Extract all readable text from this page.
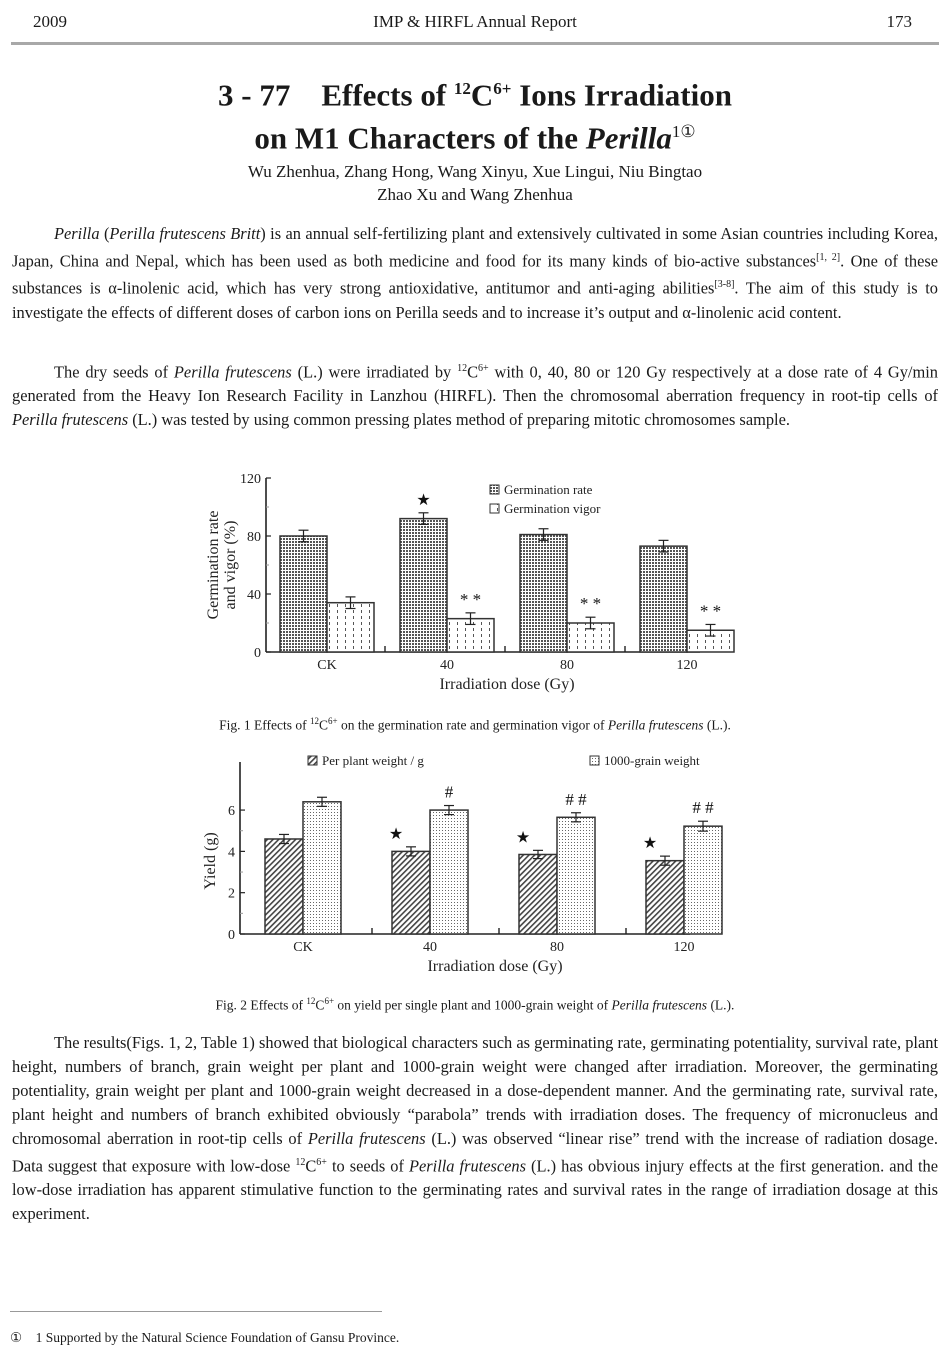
2009	IMP & HIRFL Annual Report	173
3 - 77 Effects of $^{12}C^{6+}$ Ions Irradiation
on M1 Characters of the Perilla$^{1①}$
Wu Zhenhua, Zhang Hong, Wang Xinyu, Xue Lingui, Niu Bingtao
Zhao Xu and Wang Zhenhua
Perilla (Perilla frutescens Britt) is an annual self-fertilizing plant and extensively cultivated in some Asian countries including Korea, Japan, China and Nepal, which has been used as both medicine and food for its many kinds of bio-active substances[1, 2]. One of these substances is α-linolenic acid, which has very strong antioxidative, antitumor and anti-aging abilities[3-8]. The aim of this study is to investigate the effects of different doses of carbon ions on Perilla seeds and to increase it’s output and α-linolenic acid content.
The dry seeds of Perilla frutescens (L.) were irradiated by $^{12}C^{6+}$ with 0, 40, 80 or 120 Gy respectively at a dose rate of 4 Gy/min generated from the Heavy Ion Research Facility in Lanzhou (HIRFL). Then the chromosomal aberration frequency in root-tip cells of Perilla frutescens (L.) was tested by using common pressing plates method of preparing mitotic chromosomes sample.
0
40
80
120
CK
★
* *
40
* *
80
* *
120
Irradiation dose (Gy)
Germination rate and vigor (%)
Germination rate
Germination vigor
Fig. 1 Effects of $^{12}C^{6+}$ on the germination rate and germination vigor of Perilla frutescens (L.).
0
2
4
6
CK
★
#
40
★
# #
80
★
# #
120
Irradiation dose (Gy)
Yield (g)
Per plant weight / g	1000-grain weight
Fig. 2 Effects of $^{12}C^{6+}$ on yield per single plant and 1000-grain weight of Perilla frutescens (L.).
The results(Figs. 1, 2, Table 1) showed that biological characters such as germinating rate, germinating potentiality, survival rate, plant height, numbers of branch, grain weight per plant and 1000-grain weight were changed after irradiation. Moreover, the germinating potentiality, grain weight per plant and 1000-grain weight decreased in a dose-dependent manner. And the germinating rate, survival rate, plant height and numbers of branch exhibited obviously “parabola” trends with irradiation doses. The frequency of micronucleus and chromosomal aberration in root-tip cells of Perilla frutescens (L.) was observed “linear rise” trend with the increase of radiation dosage. Data suggest that exposure with low-dose $^{12}C^{6+}$ to seeds of Perilla frutescens (L.) has obvious injury effects at the first generation. and the low-dose irradiation has apparent stimulative function to the germinating rates and survival rates in the range of irradiation dosage at this experiment.
① 1 Supported by the Natural Science Foundation of Gansu Province.
